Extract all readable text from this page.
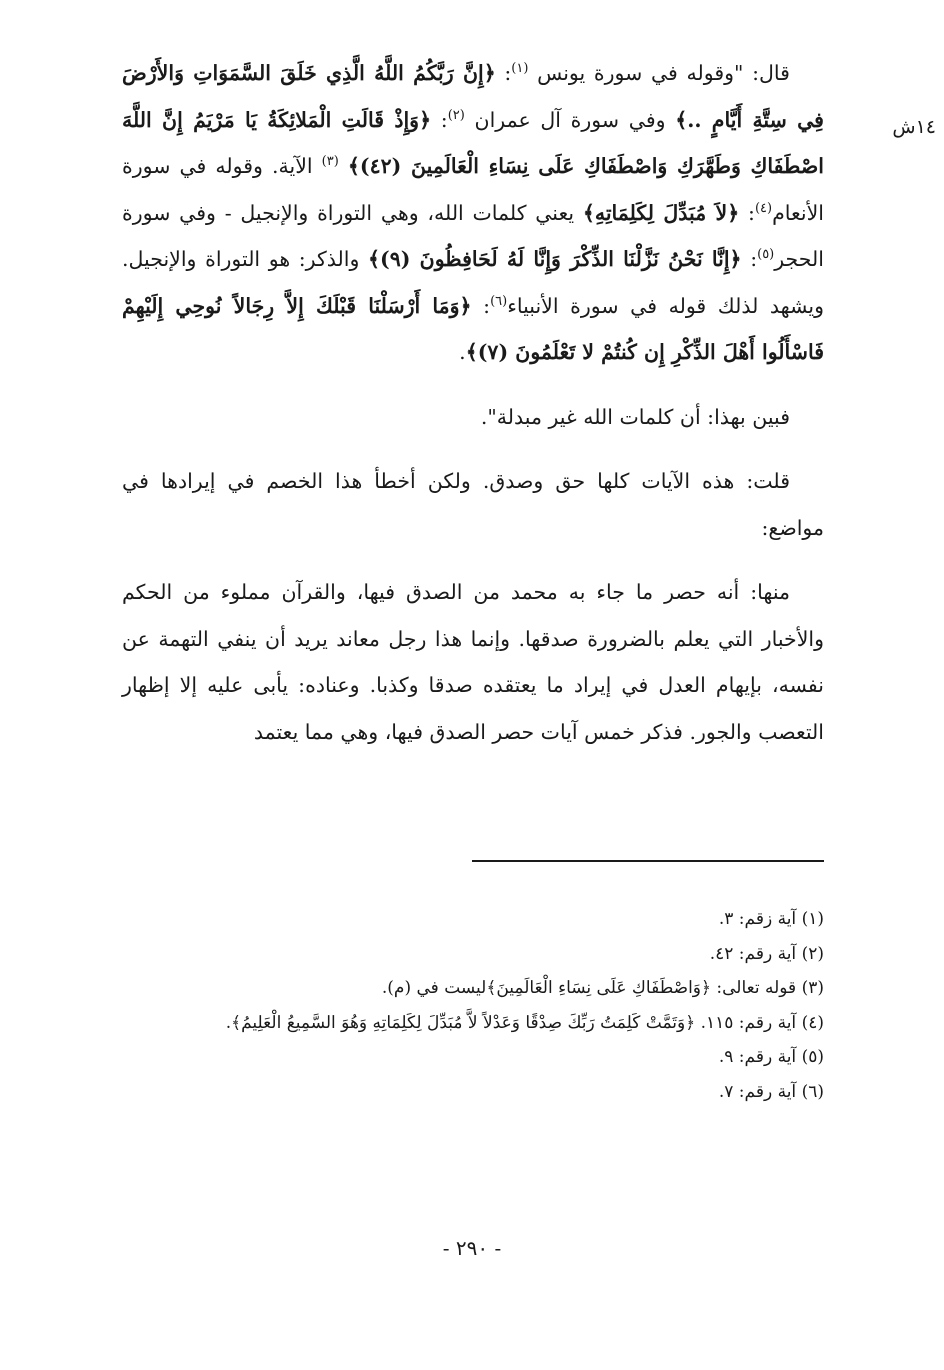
١٤ش

قال: "وقوله في سورة يونس $^{(١)}$: ﴿إِنَّ رَبَّكُمُ اللَّهُ الَّذِي خَلَقَ السَّمَوَاتِ وَالأَرْضَ فِي سِتَّةِ أَيَّامٍ ..﴾ وفي سورة آل عمران $^{(٢)}$: ﴿وَإِذْ قَالَتِ الْمَلائِكَةُ يَا مَرْيَمُ إِنَّ اللَّهَ اصْطَفَاكِ وَطَهَّرَكِ وَاصْطَفَاكِ عَلَى نِسَاءِ الْعَالَمِينَ (٤٢)﴾ $^{(٣)}$ الآية. وقوله في سورة الأنعام$^{(٤)}$: ﴿لاَ مُبَدِّلَ لِكَلِمَاتِهِ﴾ يعني كلمات الله، وهي التوراة والإنجيل - وفي سورة الحجر$^{(٥)}$: ﴿إِنَّا نَحْنُ نَزَّلْنَا الذِّكْرَ وَإِنَّا لَهُ لَحَافِظُونَ (٩)﴾ والذكر: هو التوراة والإنجيل. ويشهد لذلك قوله في سورة الأنبياء$^{(٦)}$: ﴿وَمَا أَرْسَلْنَا قَبْلَكَ إِلاَّ رِجَالاً نُوحِي إِلَيْهِمْ فَاسْأَلُوا أَهْلَ الذِّكْرِ إِن كُنتُمْ لا تَعْلَمُونَ (٧)﴾.

فبين بهذا: أن كلمات الله غير مبدلة".

قلت: هذه الآيات كلها حق وصدق. ولكن أخطأ هذا الخصم في إيرادها في مواضع:

منها: أنه حصر ما جاء به محمد من الصدق فيها، والقرآن مملوء من الحكم والأخبار التي يعلم بالضرورة صدقها. وإنما هذا رجل معاند يريد أن ينفي التهمة عن نفسه، بإيهام العدل في إيراد ما يعتقده صدقا وكذبا. وعناده: يأبى عليه إلا إظهار التعصب والجور. فذكر خمس آيات حصر الصدق فيها، وهي مما يعتمد

(١) آية زقم: ٣.
(٢) آية رقم: ٤٢.
(٣) قوله تعالى: ﴿وَاصْطَفَاكِ عَلَى نِسَاءِ الْعَالَمِينَ﴾ليست في (م).
(٤) آية رقم: ١١٥. ﴿وَتَمَّتْ كَلِمَتُ رَبِّكَ صِدْقًا وَعَدْلاً لاَّ مُبَدِّلَ لِكَلِمَاتِهِ وَهُوَ السَّمِيعُ الْعَلِيمُ﴾.
(٥) آية رقم: ٩.
(٦) آية رقم: ٧.
- ٢٩٠ -
